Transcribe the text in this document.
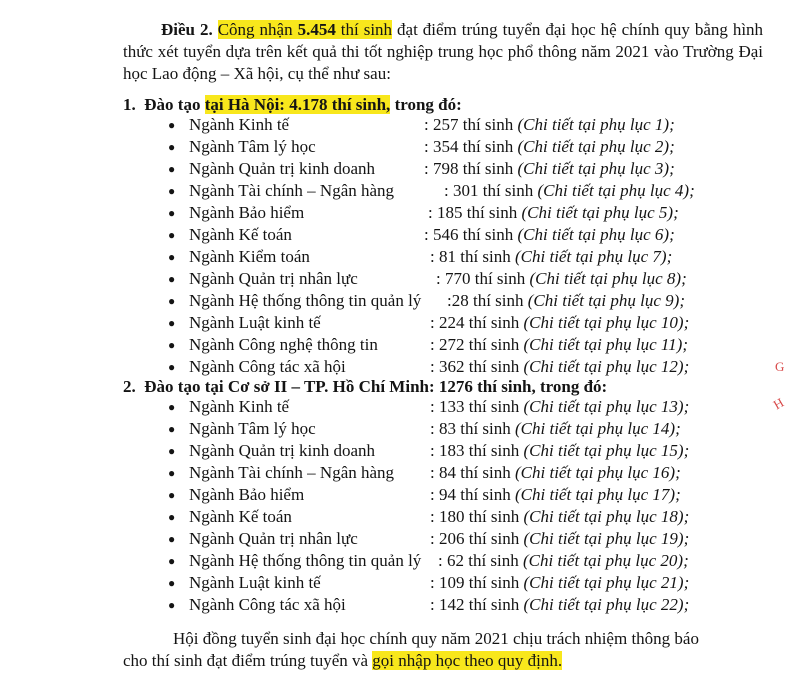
Điều 2. Công nhận 5.454 thí sinh đạt điểm trúng tuyển đại học hệ chính quy bằng hình thức xét tuyển dựa trên kết quả thi tốt nghiệp trung học phổ thông năm 2021 vào Trường Đại học Lao động – Xã hội, cụ thể như sau:
1. Đào tạo tại Hà Nội: 4.178 thí sinh, trong đó:
● Ngành Kinh tế	: 257 thí sinh (Chi tiết tại phụ lục 1);
● Ngành Tâm lý học	: 354 thí sinh (Chi tiết tại phụ lục 2);
● Ngành Quản trị kinh doanh	: 798 thí sinh (Chi tiết tại phụ lục 3);
● Ngành Tài chính – Ngân hàng	: 301 thí sinh (Chi tiết tại phụ lục 4);
● Ngành Bảo hiểm	: 185 thí sinh (Chi tiết tại phụ lục 5);
● Ngành Kế toán	: 546 thí sinh (Chi tiết tại phụ lục 6);
● Ngành Kiểm toán	: 81 thí sinh (Chi tiết tại phụ lục 7);
● Ngành Quản trị nhân lực	: 770 thí sinh (Chi tiết tại phụ lục 8);
● Ngành Hệ thống thông tin quản lý :28 thí sinh (Chi tiết tại phụ lục 9);
● Ngành Luật kinh tế	: 224 thí sinh (Chi tiết tại phụ lục 10);
● Ngành Công nghệ thông tin	: 272 thí sinh (Chi tiết tại phụ lục 11);
● Ngành Công tác xã hội	: 362 thí sinh (Chi tiết tại phụ lục 12);
2. Đào tạo tại Cơ sở II – TP. Hồ Chí Minh: 1276 thí sinh, trong đó:
● Ngành Kinh tế	: 133 thí sinh (Chi tiết tại phụ lục 13);
● Ngành Tâm lý học	: 83 thí sinh (Chi tiết tại phụ lục 14);
● Ngành Quản trị kinh doanh	: 183 thí sinh (Chi tiết tại phụ lục 15);
● Ngành Tài chính – Ngân hàng : 84 thí sinh (Chi tiết tại phụ lục 16);
● Ngành Bảo hiểm	: 94 thí sinh (Chi tiết tại phụ lục 17);
● Ngành Kế toán	: 180 thí sinh (Chi tiết tại phụ lục 18);
● Ngành Quản trị nhân lực	: 206 thí sinh (Chi tiết tại phụ lục 19);
● Ngành Hệ thống thông tin quản lý : 62 thí sinh (Chi tiết tại phụ lục 20);
● Ngành Luật kinh tế	: 109 thí sinh (Chi tiết tại phụ lục 21);
● Ngành Công tác xã hội	: 142 thí sinh (Chi tiết tại phụ lục 22);
Hội đồng tuyển sinh đại học chính quy năm 2021 chịu trách nhiệm thông báo
cho thí sinh đạt điểm trúng tuyển và gọi nhập học theo quy định.
G
H
